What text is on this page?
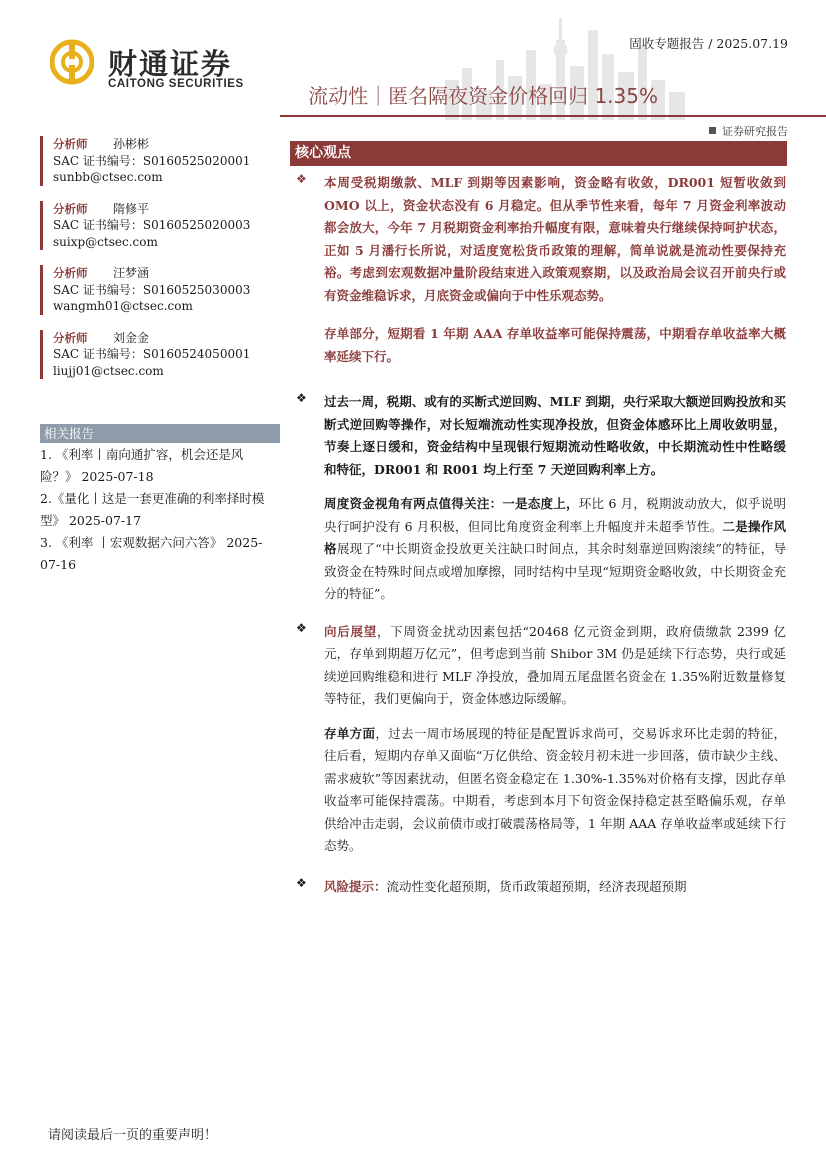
财通证券
CAITONG SECURITIES
固收专题报告 / 2025.07.19
流动性｜匿名隔夜资金价格回归 1.35%
证券研究报告
分析师 孙彬彬
SAC 证书编号：S0160525020001
sunbb@ctsec.com
分析师 隋修平
SAC 证书编号：S0160525020003
suixp@ctsec.com
分析师 汪梦涵
SAC 证书编号：S0160525030003
wangmh01@ctsec.com
分析师 刘金金
SAC 证书编号：S0160524050001
liujj01@ctsec.com
相关报告

1. 《利率丨南向通扩容，机会还是风险？》 2025-07-18

2.《量化丨这是一套更准确的利率择时模型》 2025-07-17

3. 《利率 丨宏观数据六问六答》 2025-07-16

核心观点
❖ 本周受税期缴款、MLF 到期等因素影响，资金略有收敛，DR001 短暂收敛到 OMO 以上，资金状态没有 6 月稳定。但从季节性来看，每年 7 月资金利率波动都会放大，今年 7 月税期资金利率抬升幅度有限，意味着央行继续保持呵护状态，正如 5 月潘行长所说，对适度宽松货币政策的理解，简单说就是流动性要保持充裕。考虑到宏观数据冲量阶段结束进入政策观察期，以及政治局会议召开前央行或有资金维稳诉求，月底资金或偏向于中性乐观态势。

存单部分，短期看 1 年期 AAA 存单收益率可能保持震荡，中期看存单收益率大概率延续下行。

❖ 过去一周，税期、或有的买断式逆回购、MLF 到期，央行采取大额逆回购投放和买断式逆回购等操作，对长短端流动性实现净投放，但资金体感环比上周收敛明显，节奏上逐日缓和，资金结构中呈现银行短期流动性略收敛，中长期流动性中性略缓和特征，DR001 和 R001 均上行至 7 天逆回购利率上方。

周度资金视角有两点值得关注：一是态度上，环比 6 月，税期波动放大，似乎说明央行呵护没有 6 月积极，但同比角度资金利率上升幅度并未超季节性。二是操作风格展现了“中长期资金投放更关注缺口时间点，其余时刻靠逆回购滚续”的特征，导致资金在特殊时间点或增加摩擦，同时结构中呈现“短期资金略收敛，中长期资金充分的特征”。

❖ 向后展望，下周资金扰动因素包括“20468 亿元资金到期，政府债缴款 2399 亿元，存单到期超万亿元”，但考虑到当前 Shibor 3M 仍是延续下行态势，央行或延续逆回购维稳和进行 MLF 净投放，叠加周五尾盘匿名资金在 1.35%附近数量修复等特征，我们更偏向于，资金体感边际缓解。

存单方面，过去一周市场展现的特征是配置诉求尚可，交易诉求环比走弱的特征，往后看，短期内存单又面临“万亿供给、资金较月初未进一步回落，债市缺少主线、需求疲软”等因素扰动，但匿名资金稳定在 1.30%-1.35%对价格有支撑，因此存单收益率可能保持震荡。中期看，考虑到本月下旬资金保持稳定甚至略偏乐观，存单供给冲击走弱，会议前债市或打破震荡格局等，1 年期 AAA 存单收益率或延续下行态势。

❖ 风险提示：流动性变化超预期，货币政策超预期，经济表现超预期

请阅读最后一页的重要声明！
